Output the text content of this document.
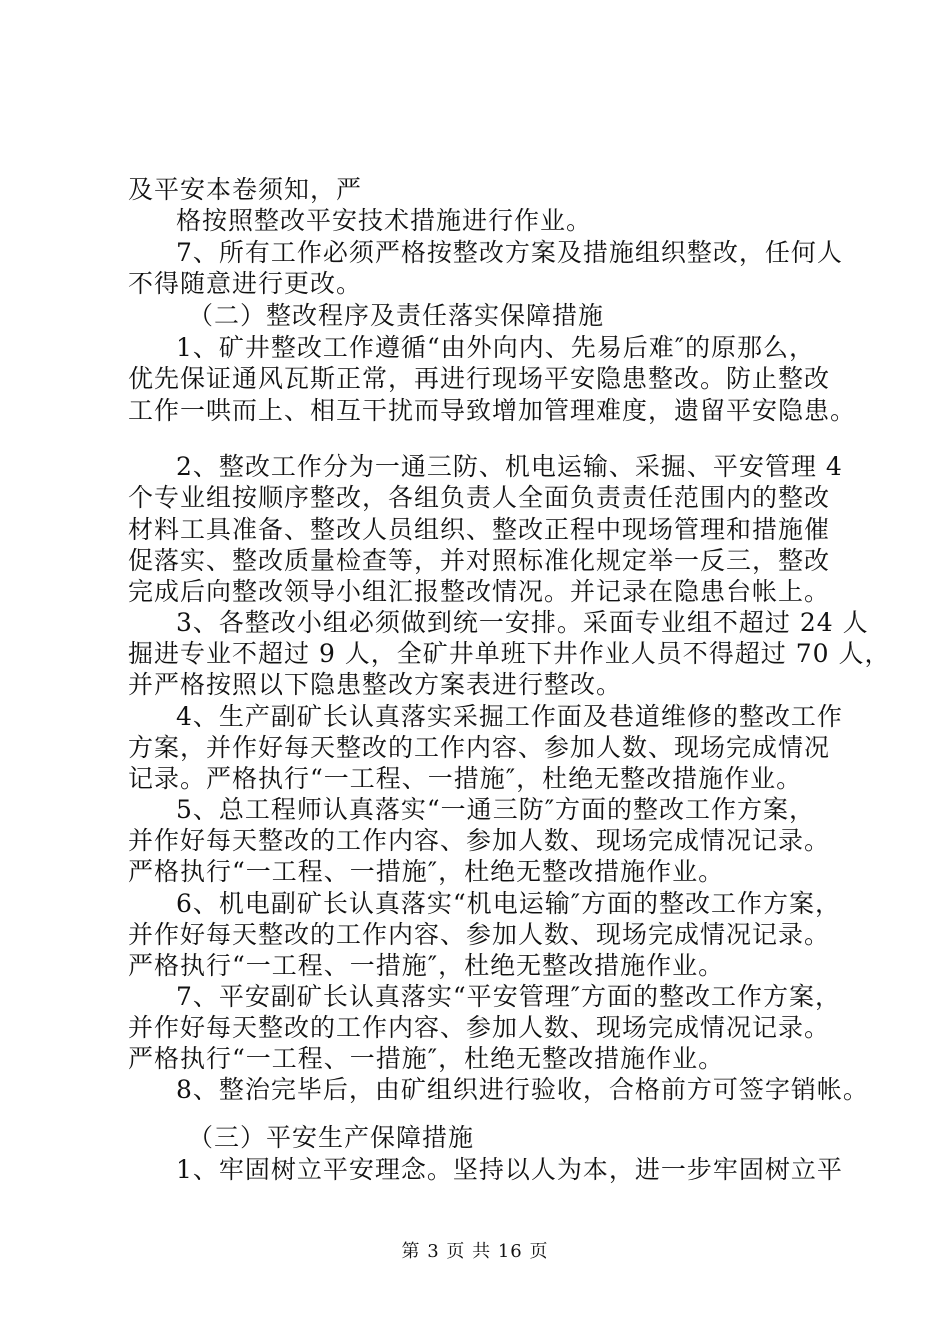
及平安本卷须知，严
格按照整改平安技术措施进行作业。
7、所有工作必须严格按整改方案及措施组织整改，任何人
不得随意进行更改。
（二）整改程序及责任落实保障措施
1、矿井整改工作遵循“由外向内、先易后难″的原那么，
优先保证通风瓦斯正常，再进行现场平安隐患整改。防止整改
工作一哄而上、相互干扰而导致增加管理难度，遗留平安隐患。
2、整改工作分为一通三防、机电运输、采掘、平安管理 4
个专业组按顺序整改，各组负责人全面负责责任范围内的整改
材料工具准备、整改人员组织、整改正程中现场管理和措施催
促落实、整改质量检查等，并对照标准化规定举一反三，整改
完成后向整改领导小组汇报整改情况。并记录在隐患台帐上。
3、各整改小组必须做到统一安排。采面专业组不超过 24 人
掘进专业不超过 9 人，全矿井单班下井作业人员不得超过 70 人，
并严格按照以下隐患整改方案表进行整改。
4、生产副矿长认真落实采掘工作面及巷道维修的整改工作
方案，并作好每天整改的工作内容、参加人数、现场完成情况
记录。严格执行“一工程、一措施″，杜绝无整改措施作业。
5、总工程师认真落实“一通三防″方面的整改工作方案，
并作好每天整改的工作内容、参加人数、现场完成情况记录。
严格执行“一工程、一措施″，杜绝无整改措施作业。
6、机电副矿长认真落实“机电运输″方面的整改工作方案，
并作好每天整改的工作内容、参加人数、现场完成情况记录。
严格执行“一工程、一措施″，杜绝无整改措施作业。
7、平安副矿长认真落实“平安管理″方面的整改工作方案，
并作好每天整改的工作内容、参加人数、现场完成情况记录。
严格执行“一工程、一措施″，杜绝无整改措施作业。
8、整治完毕后，由矿组织进行验收，合格前方可签字销帐。
（三）平安生产保障措施
1、牢固树立平安理念。坚持以人为本，进一步牢固树立平
第 3 页 共 16 页
